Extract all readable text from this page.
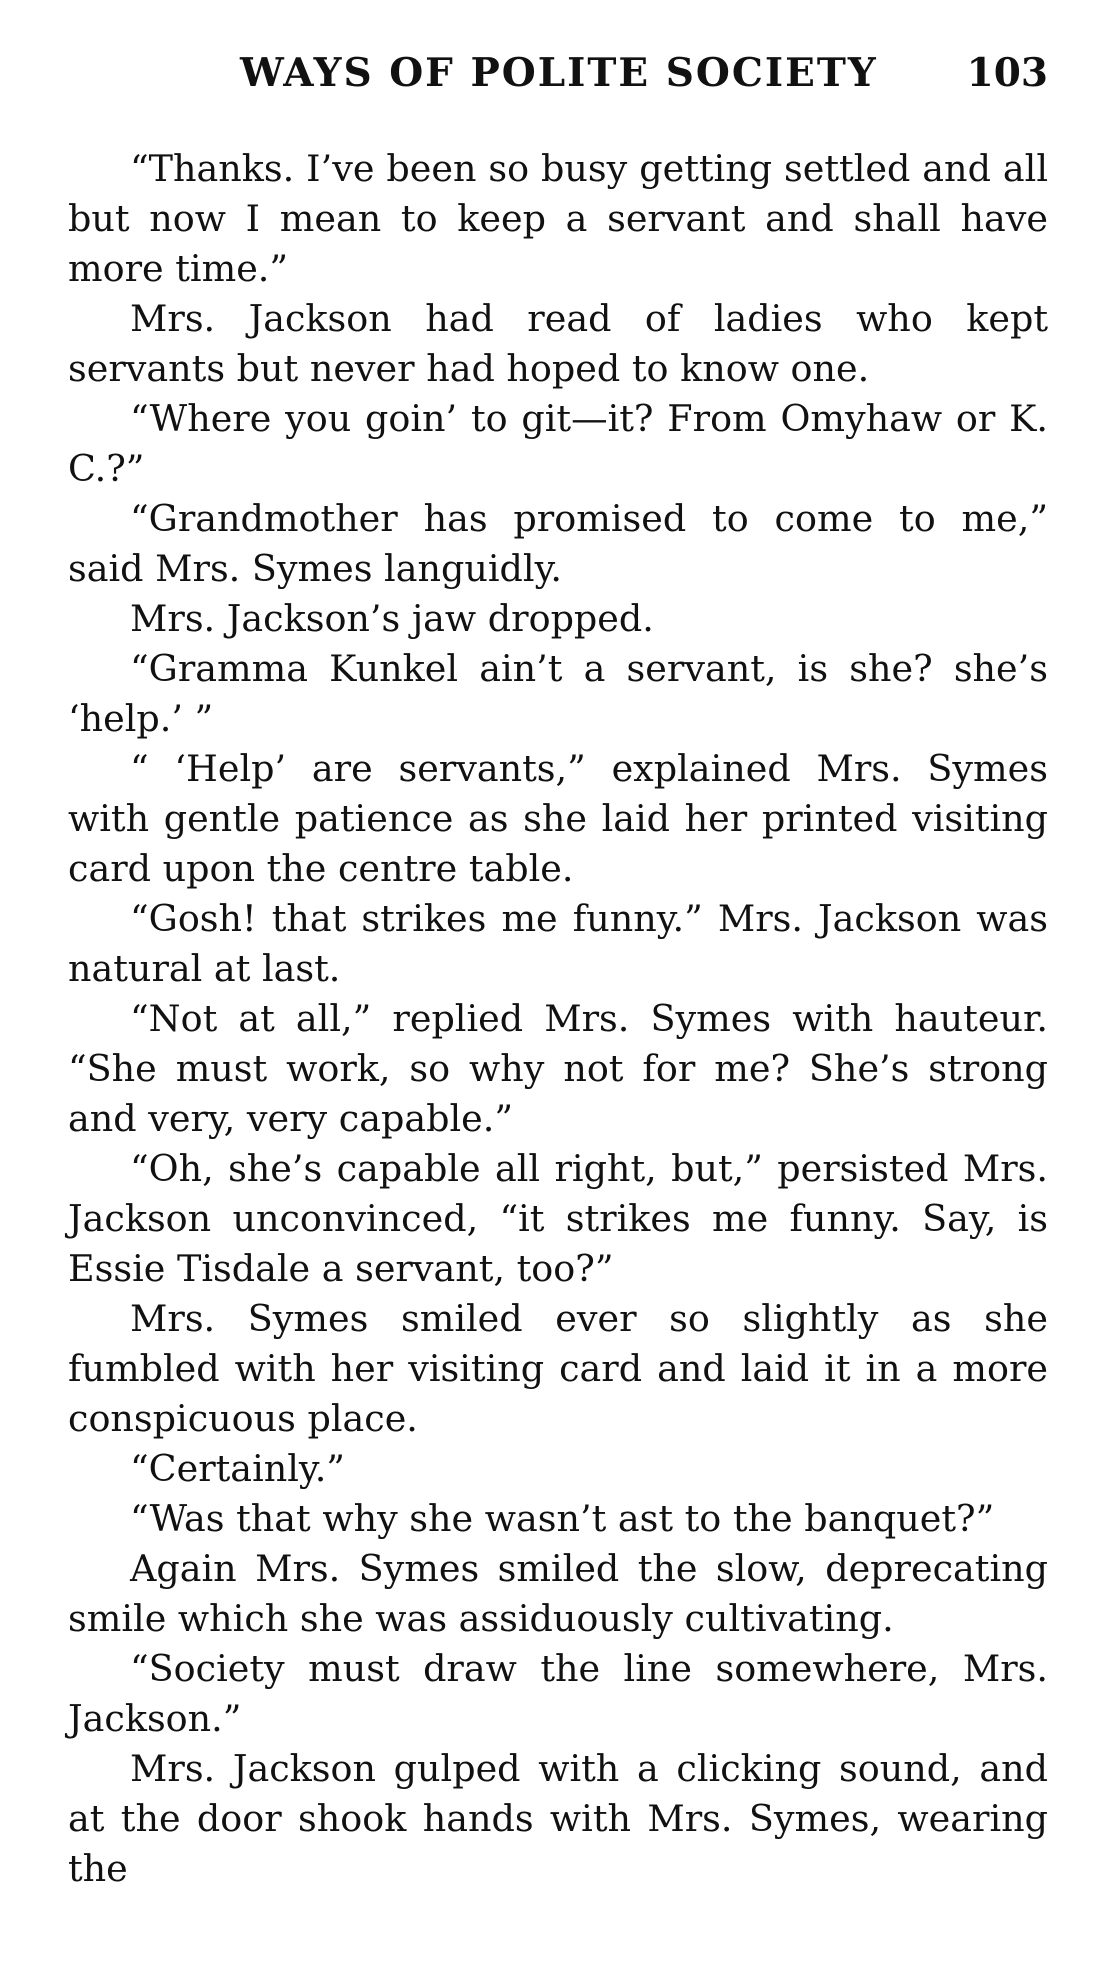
WAYS OF POLITE SOCIETY 103

“Thanks. I’ve been so busy getting settled and all but now I mean to keep a servant and shall have more time.”

Mrs. Jackson had read of ladies who kept servants but never had hoped to know one.

“Where you goin’ to git—it? From Omyhaw or K. C.?”

“Grandmother has promised to come to me,” said Mrs. Symes languidly.

Mrs. Jackson’s jaw dropped.

“Gramma Kunkel ain’t a servant, is she? she’s ‘help.’ ”

“ ‘Help’ are servants,” explained Mrs. Symes with gentle patience as she laid her printed visiting card upon the centre table.

“Gosh! that strikes me funny.” Mrs. Jackson was natural at last.

“Not at all,” replied Mrs. Symes with hauteur. “She must work, so why not for me? She’s strong and very, very capable.”

“Oh, she’s capable all right, but,” persisted Mrs. Jackson unconvinced, “it strikes me funny. Say, is Essie Tisdale a servant, too?”

Mrs. Symes smiled ever so slightly as she fumbled with her visiting card and laid it in a more conspicuous place.

“Certainly.”

“Was that why she wasn’t ast to the banquet?”

Again Mrs. Symes smiled the slow, deprecating smile which she was assiduously cultivating.

“Society must draw the line somewhere, Mrs. Jackson.”

Mrs. Jackson gulped with a clicking sound, and at the door shook hands with Mrs. Symes, wearing the
